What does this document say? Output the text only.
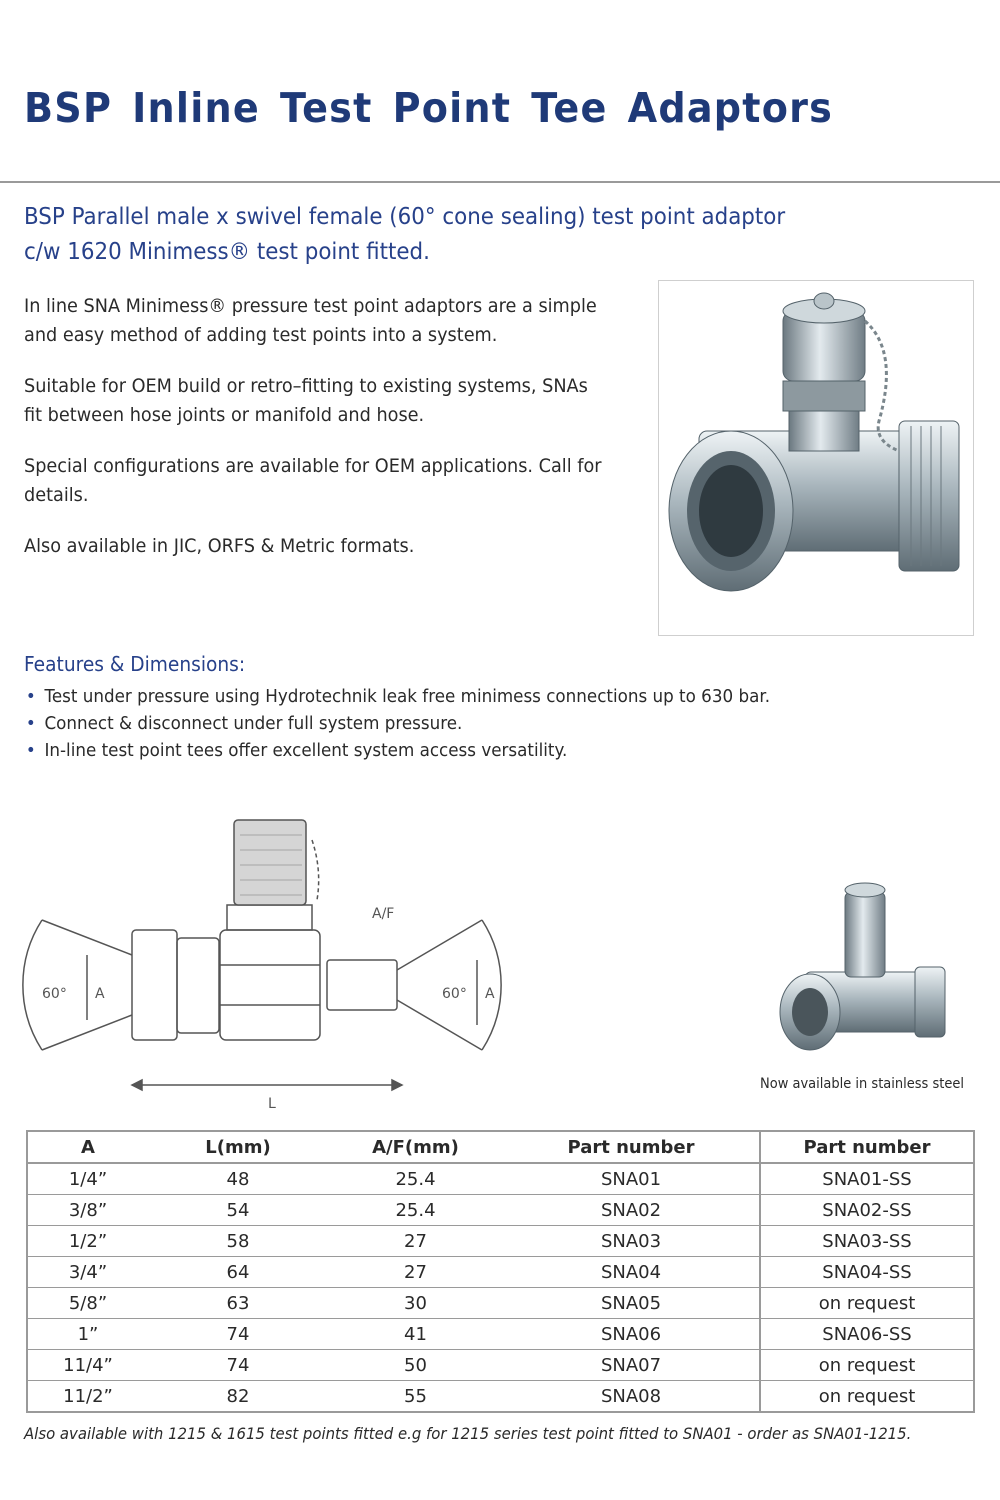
BSP Inline Test Point Tee Adaptors
BSP Parallel male x swivel female (60° cone sealing) test point adaptor
c/w 1620 Minimess® test point fitted.

In line SNA Minimess® pressure test point adaptors are a simple and easy method of adding test points into a system.

Suitable for OEM build or retro–fitting to existing systems, SNAs fit between hose joints or manifold and hose.

Special configurations are available for OEM applications. Call for details.

Also available in JIC, ORFS & Metric formats.

Features & Dimensions:
• Test under pressure using Hydrotechnik leak free minimess connections up to 630 bar.
• Connect & disconnect under full system pressure.
• In-line test point tees offer excellent system access versatility.
A/F
60° A	60° A
L
Now available in stainless steel
A	L(mm)	A/F(mm)	Part number	Part number
1/4”	48	25.4	SNA01	SNA01-SS
3/8”	54	25.4	SNA02	SNA02-SS
1/2”	58	27	SNA03	SNA03-SS
3/4”	64	27	SNA04	SNA04-SS
5/8”	63	30	SNA05	on request
1”	74	41	SNA06	SNA06-SS
11/4”	74	50	SNA07	on request
11/2”	82	55	SNA08	on request
Also available with 1215 & 1615 test points fitted e.g for 1215 series test point fitted to SNA01 - order as SNA01-1215.
